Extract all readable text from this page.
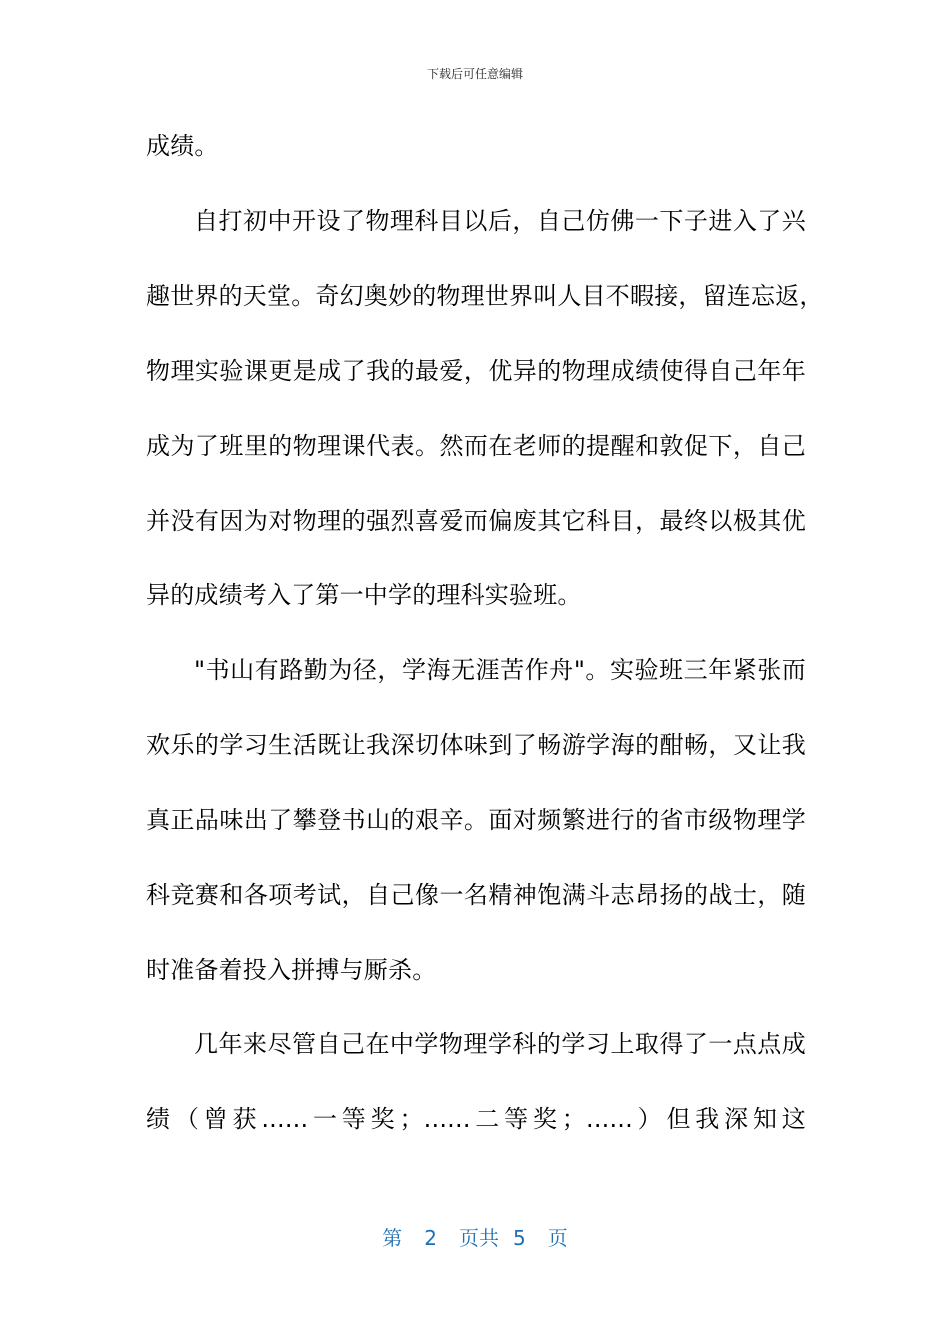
下载后可任意编辑
成绩。
自打初中开设了物理科目以后，自己仿佛一下子进入了兴
趣世界的天堂。奇幻奥妙的物理世界叫人目不暇接，留连忘返，
物理实验课更是成了我的最爱，优异的物理成绩使得自己年年
成为了班里的物理课代表。然而在老师的提醒和敦促下，自己
并没有因为对物理的强烈喜爱而偏废其它科目，最终以极其优
异的成绩考入了第一中学的理科实验班。
"书山有路勤为径，学海无涯苦作舟"。实验班三年紧张而
欢乐的学习生活既让我深切体味到了畅游学海的酣畅，又让我
真正品味出了攀登书山的艰辛。面对频繁进行的省市级物理学
科竞赛和各项考试，自己像一名精神饱满斗志昂扬的战士，随
时准备着投入拼搏与厮杀。
几年来尽管自己在中学物理学科的学习上取得了一点点成
绩（曾获......一等奖；......二等奖；......）但我深知这
第 2 页共 5 页
